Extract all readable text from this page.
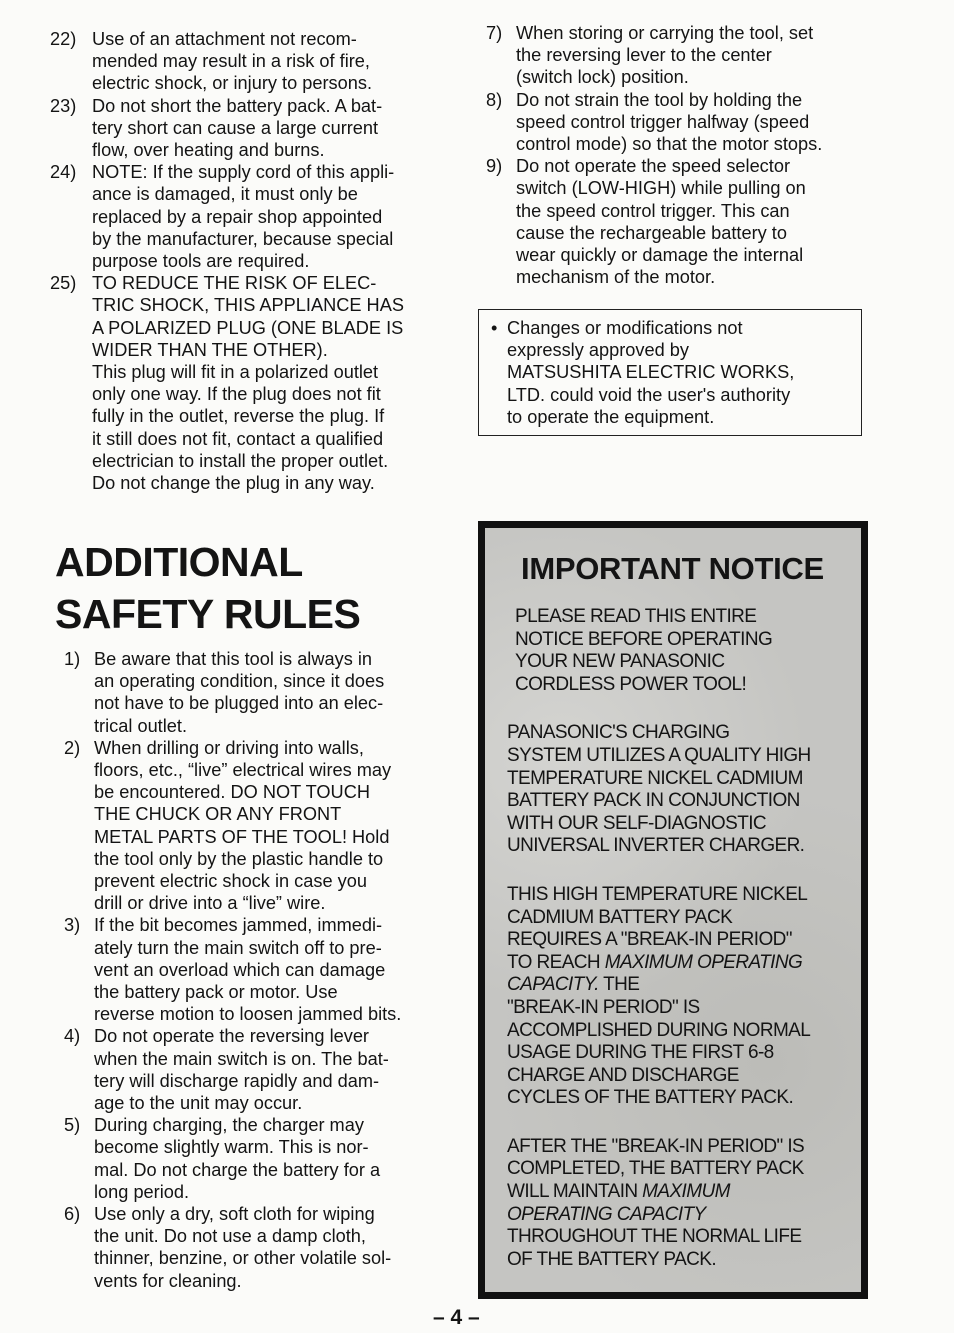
22) Use of an attachment not recom-
mended may result in a risk of fire,
electric shock, or injury to persons.

23) Do not short the battery pack. A bat-
tery short can cause a large current
flow, over heating and burns.

24) NOTE: If the supply cord of this appli-
ance is damaged, it must only be
replaced by a repair shop appointed
by the manufacturer, because special
purpose tools are required.

25) TO REDUCE THE RISK OF ELEC-
TRIC SHOCK, THIS APPLIANCE HAS
A POLARIZED PLUG (ONE BLADE IS
WIDER THAN THE OTHER).
This plug will fit in a polarized outlet
only one way. If the plug does not fit
fully in the outlet, reverse the plug. If
it still does not fit, contact a qualified
electrician to install the proper outlet.
Do not change the plug in any way.

7) When storing or carrying the tool, set
the reversing lever to the center
(switch lock) position.

8) Do not strain the tool by holding the
speed control trigger halfway (speed
control mode) so that the motor stops.

9) Do not operate the speed selector
switch (LOW-HIGH) while pulling on
the speed control trigger. This can
cause the rechargeable battery to
wear quickly or damage the internal
mechanism of the motor.

• Changes or modifications not
expressly approved by
MATSUSHITA ELECTRIC WORKS,
LTD. could void the user's authority
to operate the equipment.
ADDITIONAL
SAFETY RULES

1) Be aware that this tool is always in
an operating condition, since it does
not have to be plugged into an elec-
trical outlet.

2) When drilling or driving into walls,
floors, etc., “live” electrical wires may
be encountered. DO NOT TOUCH
THE CHUCK OR ANY FRONT
METAL PARTS OF THE TOOL! Hold
the tool only by the plastic handle to
prevent electric shock in case you
drill or drive into a “live” wire.

3) If the bit becomes jammed, immedi-
ately turn the main switch off to pre-
vent an overload which can damage
the battery pack or motor. Use
reverse motion to loosen jammed bits.

4) Do not operate the reversing lever
when the main switch is on. The bat-
tery will discharge rapidly and dam-
age to the unit may occur.

5) During charging, the charger may
become slightly warm. This is nor-
mal. Do not charge the battery for a
long period.

6) Use only a dry, soft cloth for wiping
the unit. Do not use a damp cloth,
thinner, benzine, or other volatile sol-
vents for cleaning.

IMPORTANT NOTICE

PLEASE READ THIS ENTIRE
NOTICE BEFORE OPERATING
YOUR NEW PANASONIC
CORDLESS POWER TOOL!

PANASONIC'S CHARGING
SYSTEM UTILIZES A QUALITY HIGH
TEMPERATURE NICKEL CADMIUM
BATTERY PACK IN CONJUNCTION
WITH OUR SELF-DIAGNOSTIC
UNIVERSAL INVERTER CHARGER.

THIS HIGH TEMPERATURE NICKEL
CADMIUM BATTERY PACK
REQUIRES A "BREAK-IN PERIOD"
TO REACH MAXIMUM OPERATING
CAPACITY. THE
"BREAK-IN PERIOD" IS
ACCOMPLISHED DURING NORMAL
USAGE DURING THE FIRST 6-8
CHARGE AND DISCHARGE
CYCLES OF THE BATTERY PACK.

AFTER THE "BREAK-IN PERIOD" IS
COMPLETED, THE BATTERY PACK
WILL MAINTAIN MAXIMUM
OPERATING CAPACITY
THROUGHOUT THE NORMAL LIFE
OF THE BATTERY PACK.

– 4 –
